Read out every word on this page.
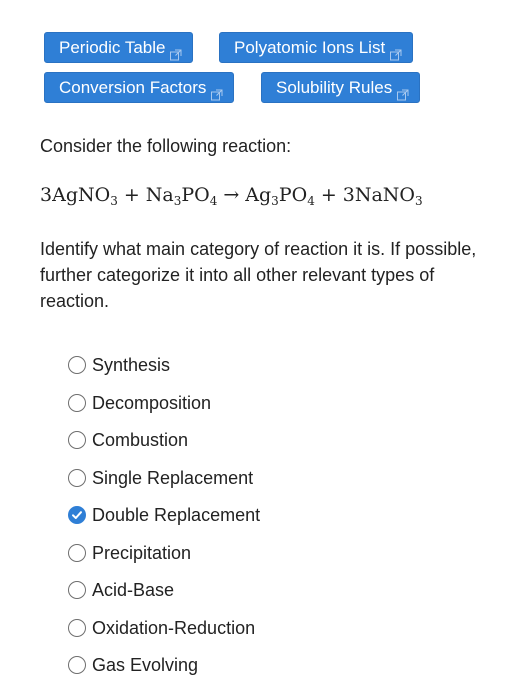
Periodic Table	Polyatomic Ions List
Conversion Factors	Solubility Rules
Consider the following reaction:
3AgNO$_3$ + $Na_3PO_4 \to Ag_3PO_4$ + 3NaNO$_3$
Identify what main category of reaction it is. If possible, further categorize it into all other relevant types of reaction.
Synthesis
Decomposition
Combustion
Single Replacement
Double Replacement
Precipitation
Acid-Base
Oxidation-Reduction
Gas Evolving
